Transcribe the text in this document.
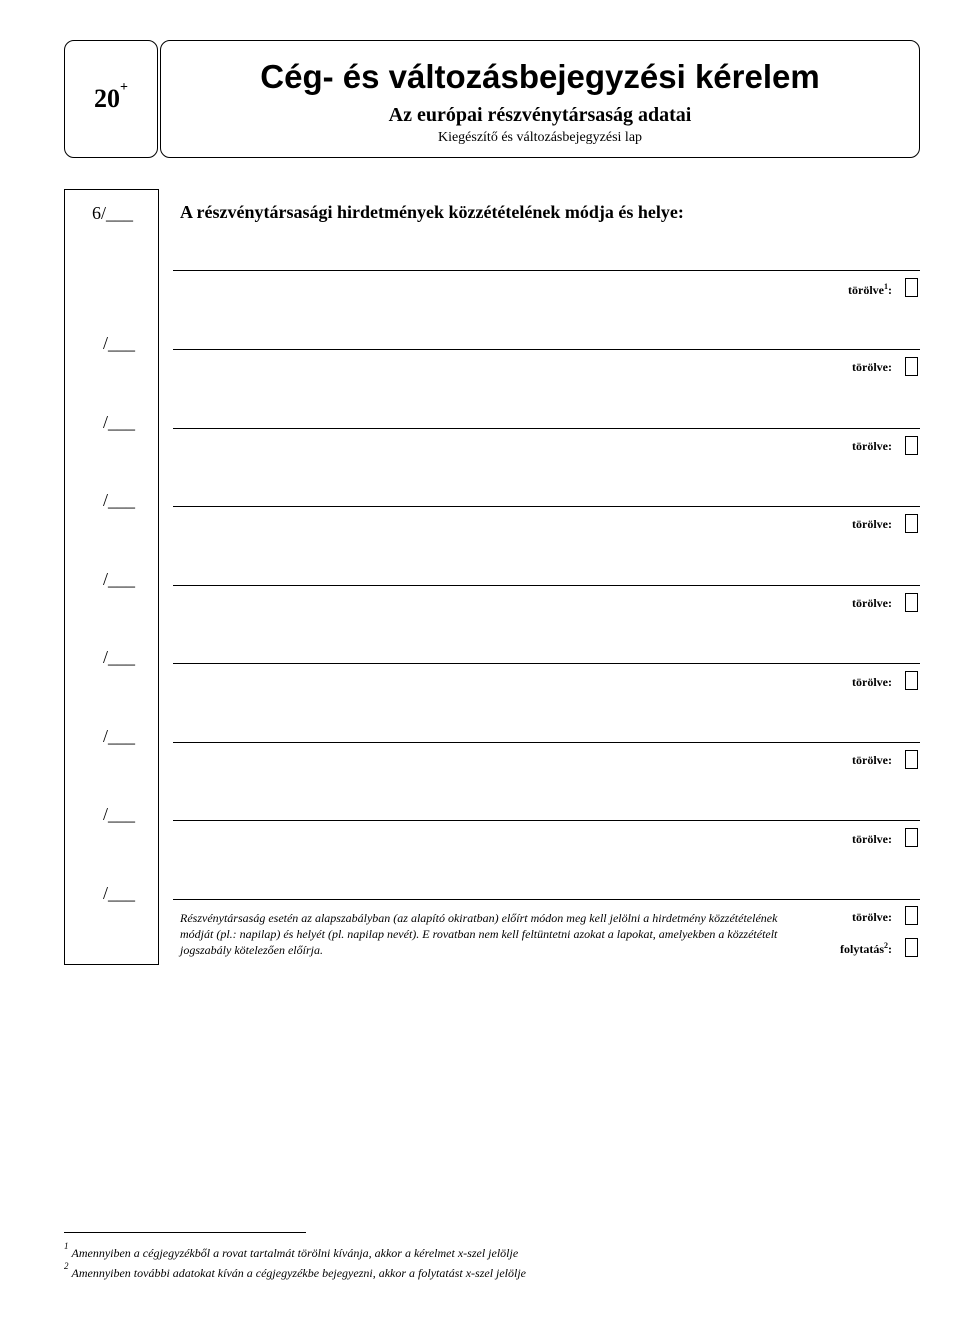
20+	Cég- és változásbejegyzési kérelem
Az európai részvénytársaság adatai
Kiegészítő és változásbejegyzési lap
6/___	A részvénytársasági hirdetmények közzétételének módja és helye:
törölve$^1$:
/___
törölve:
/___
törölve:
/___
törölve:
/___
törölve:
/___
törölve:
/___
törölve:
/___
törölve:
/___
Részvénytársaság esetén az alapszabályban (az alapító okiratban) előírt módon meg kell jelölni a hirdetmény közzétételének módját (pl.: napilap) és helyét (pl. napilap nevét). E rovatban nem kell feltüntetni azokat a lapokat, amelyekben a közzétételt jogszabály kötelezően előírja.
törölve:
folytatás$^2$:
$^1$ Amennyiben a cégjegyzékből a rovat tartalmát törölni kívánja, akkor a kérelmet x-szel jelölje
$^2$ Amennyiben további adatokat kíván a cégjegyzékbe bejegyezni, akkor a folytatást x-szel jelölje
